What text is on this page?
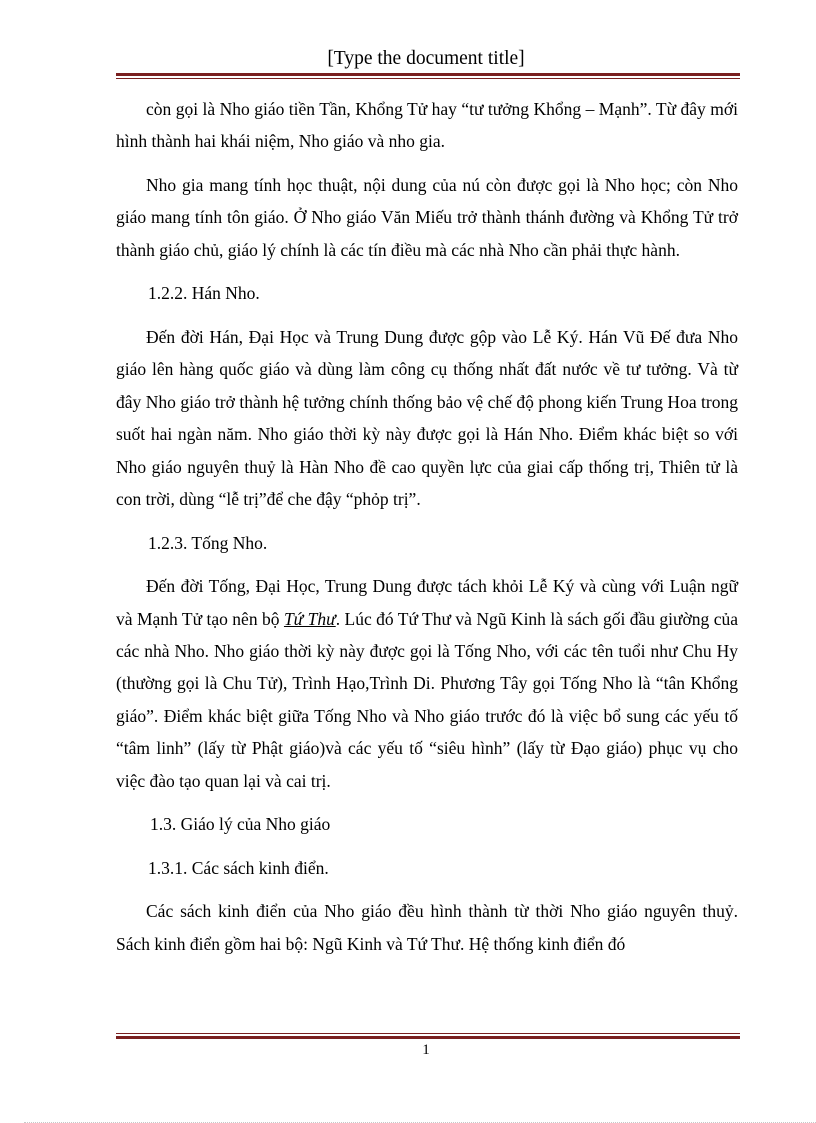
[Type the document title]

còn gọi là Nho giáo tiền Tần, Khổng Tử hay “tư tưởng Khổng – Mạnh”. Từ đây mới hình thành hai khái niệm, Nho giáo và nho gia.

Nho gia mang tính học thuật, nội dung của nú còn được gọi là Nho học; còn Nho giáo mang tính tôn giáo. Ở Nho giáo Văn Miếu trở thành thánh đường và Khổng Tử trở thành giáo chủ, giáo lý chính là các tín điều mà các nhà Nho cần phải thực hành.

1.2.2. Hán Nho.

Đến đời Hán, Đại Học và Trung Dung được gộp vào Lễ Ký. Hán Vũ Đế đưa Nho giáo lên hàng quốc giáo và dùng làm công cụ thống nhất đất nước về tư tưởng. Và từ đây Nho giáo trở thành hệ tưởng chính thống bảo vệ chế độ phong kiến Trung Hoa trong suốt hai ngàn năm. Nho giáo thời kỳ này được gọi là Hán Nho. Điểm khác biệt so với Nho giáo nguyên thuỷ là Hàn Nho đề cao quyền lực của giai cấp thống trị, Thiên tử là con trời, dùng “lễ trị”để che đậy “phỏp trị”.

1.2.3. Tống Nho.

Đến đời Tống, Đại Học, Trung Dung được tách khỏi Lễ Ký và cùng với Luận ngữ và Mạnh Tử tạo nên bộ Tứ Thư. Lúc đó Tứ Thư và Ngũ Kinh là sách gối đầu giường của các nhà Nho. Nho giáo thời kỳ này được gọi là Tống Nho, với các tên tuổi như Chu Hy (thường gọi là Chu Tử), Trình Hạo,Trình Di. Phương Tây gọi Tống Nho là “tân Khổng giáo”. Điểm khác biệt giữa Tống Nho và Nho giáo trước đó là việc bổ sung các yếu tố “tâm linh” (lấy từ Phật giáo)và các yếu tố “siêu hình” (lấy từ Đạo giáo) phục vụ cho việc đào tạo quan lại và cai trị.

1.3. Giáo lý của Nho giáo

1.3.1. Các sách kinh điển.

Các sách kinh điển của Nho giáo đều hình thành từ thời Nho giáo nguyên thuỷ. Sách kinh điển gồm hai bộ: Ngũ Kinh và Tứ Thư. Hệ thống kinh điển đó

1
